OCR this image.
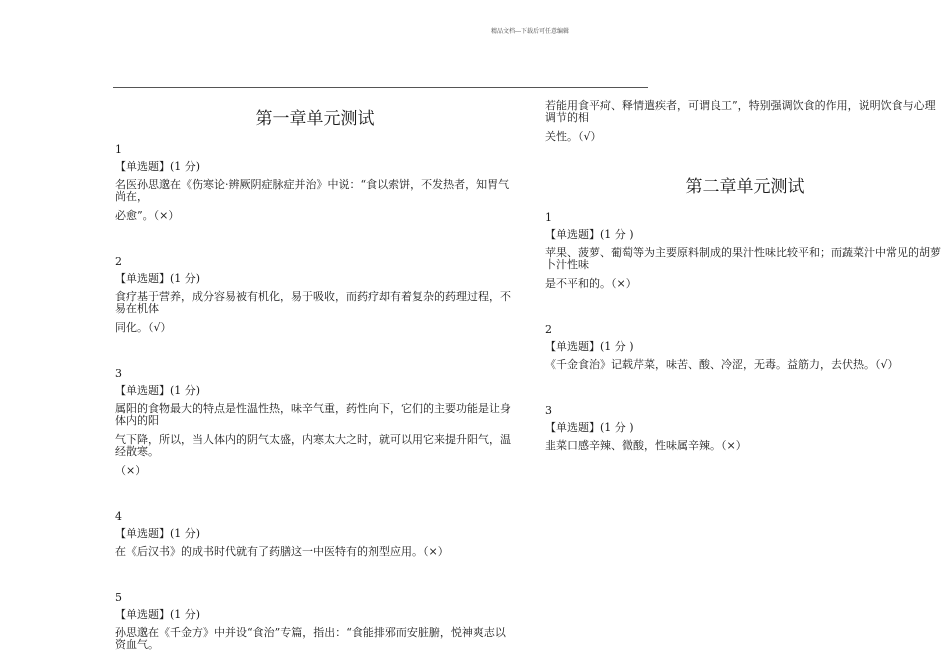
精品文档---下载后可任意编辑
第一章单元测试
1
【单选题】(1 分)
名医孙思邈在《伤寒论·辨厥阴症脉症并治》中说：“食以索饼，不发热者，知胃气尚在，
必愈”。（×）
2
【单选题】(1 分)
食疗基于营养，成分容易被有机化，易于吸收，而药疗却有着复杂的药理过程，不易在机体
同化。（√）
3
【单选题】(1 分)
属阳的食物最大的特点是性温性热，味辛气重，药性向下，它们的主要功能是让身体内的阳
气下降，所以，当人体内的阴气太盛，内寒太大之时，就可以用它来提升阳气，温经散寒。
（×）
4
【单选题】(1 分)
在《后汉书》的成书时代就有了药膳这一中医特有的剂型应用。（×）
5
【单选题】(1 分)
孙思邈在《千金方》中并设“食治”专篇，指出：“食能排邪而安脏腑，悦神爽志以资血气。
若能用食平疴、释情遣疾者，可谓良工”，特别强调饮食的作用，说明饮食与心理调节的相
关性。（√）
第二章单元测试
1
【单选题】(1 分 )
苹果、菠萝、葡萄等为主要原料制成的果汁性味比较平和；而蔬菜汁中常见的胡萝卜汁性味
是不平和的。（×）
2
【单选题】(1 分 )
《千金食治》记载芹菜，味苦、酸、冷涩，无毒。益筋力，去伏热。（√）
3
【单选题】(1 分 )
韭菜口感辛辣、微酸，性味属辛辣。（×）
